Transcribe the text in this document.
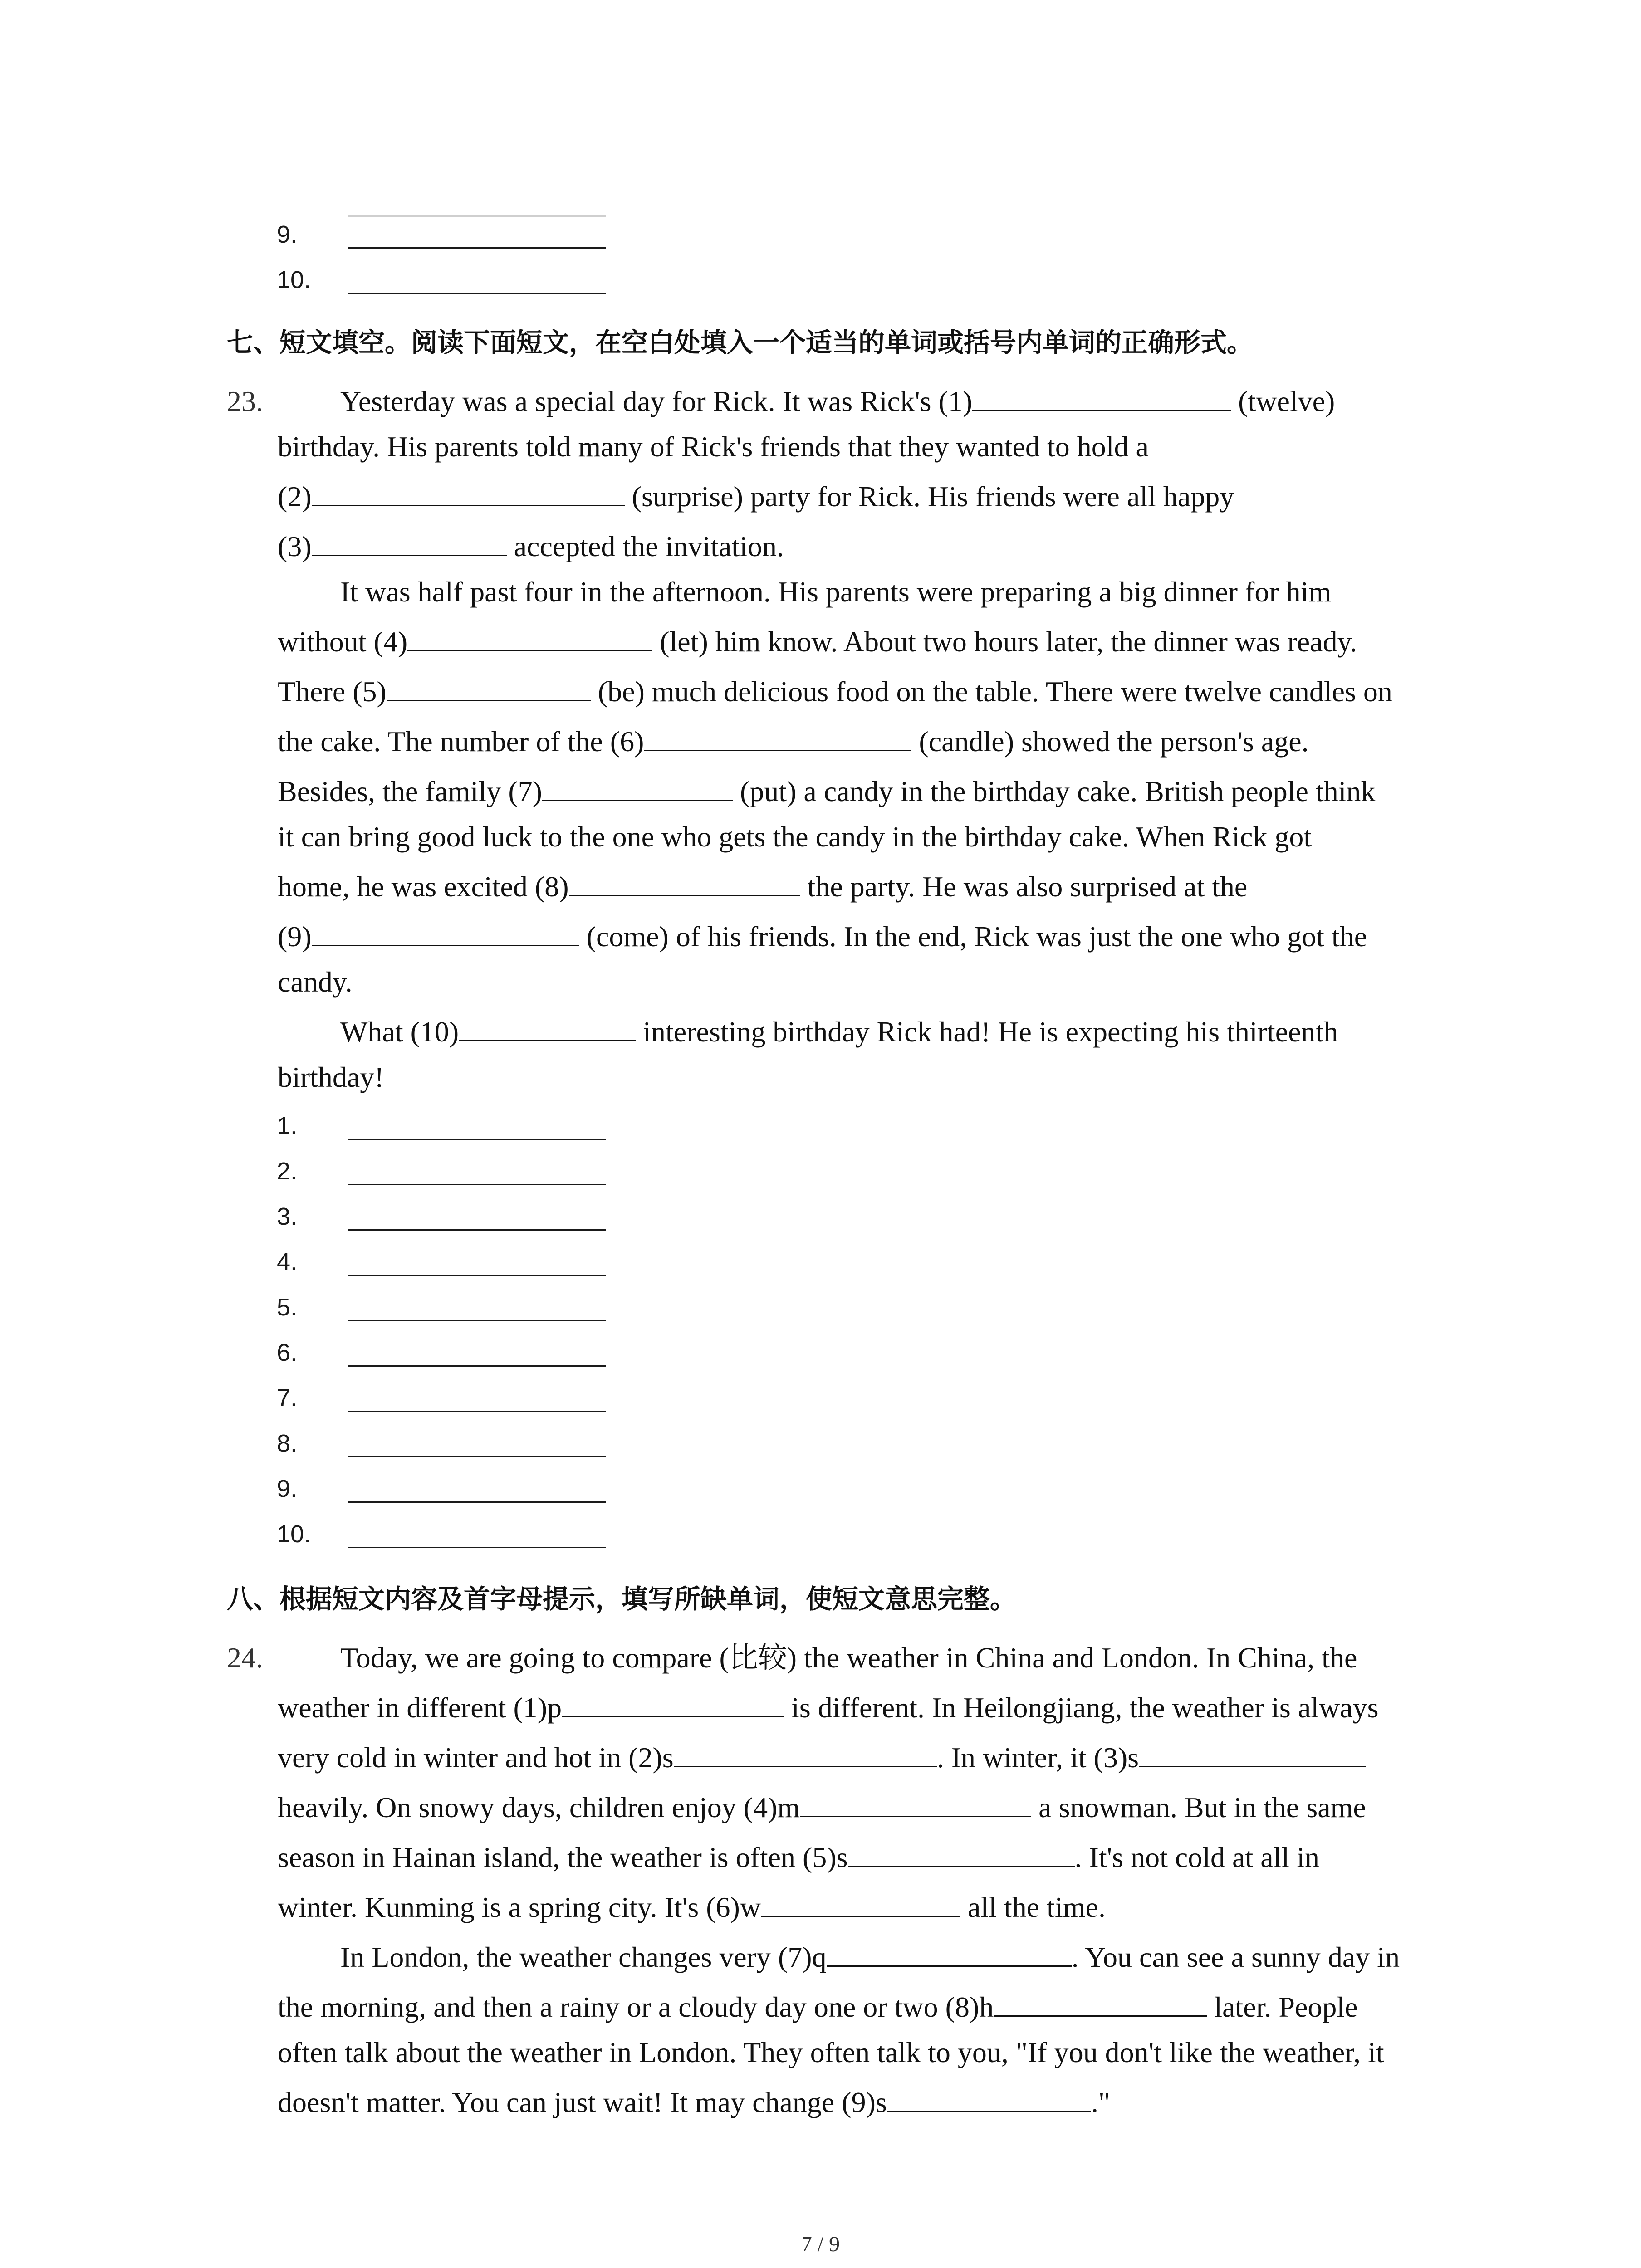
9.
10.
七、短文填空。阅读下面短文，在空白处填入一个适当的单词或括号内单词的正确形式。
23.	Yesterday was a special day for Rick. It was Rick's (1)	(twelve)
birthday. His parents told many of Rick's friends that they wanted to hold a
(2)	(surprise) party for Rick. His friends were all happy
(3)	accepted the invitation.
It was half past four in the afternoon. His parents were preparing a big dinner for him
without (4)	(let) him know. About two hours later, the dinner was ready.
There (5)	(be) much delicious food on the table. There were twelve candles on
the cake. The number of the (6)	(candle) showed the person's age.
Besides, the family (7)	(put) a candy in the birthday cake. British people think
it can bring good luck to the one who gets the candy in the birthday cake. When Rick got
home, he was excited (8)	the party. He was also surprised at the
(9)	(come) of his friends. In the end, Rick was just the one who got the
candy.
What (10)	interesting birthday Rick had! He is expecting his thirteenth
birthday!
1.
2.
3.
4.
5.
6.
7.
8.
9.
10.
八、根据短文内容及首字母提示，填写所缺单词，使短文意思完整。
24.	Today, we are going to compare (比较) the weather in China and London. In China, the
weather in different (1)p	is different. In Heilongjiang, the weather is always
very cold in winter and hot in (2)s	. In winter, it (3)s
heavily. On snowy days, children enjoy (4)m	a snowman. But in the same
season in Hainan island, the weather is often (5)s	. It's not cold at all in
winter. Kunming is a spring city. It's (6)w	all the time.
In London, the weather changes very (7)q	. You can see a sunny day in
the morning, and then a rainy or a cloudy day one or two (8)h	later. People
often talk about the weather in London. They often talk to you, "If you don't like the weather, it
doesn't matter. You can just wait! It may change (9)s	."
7 / 9
